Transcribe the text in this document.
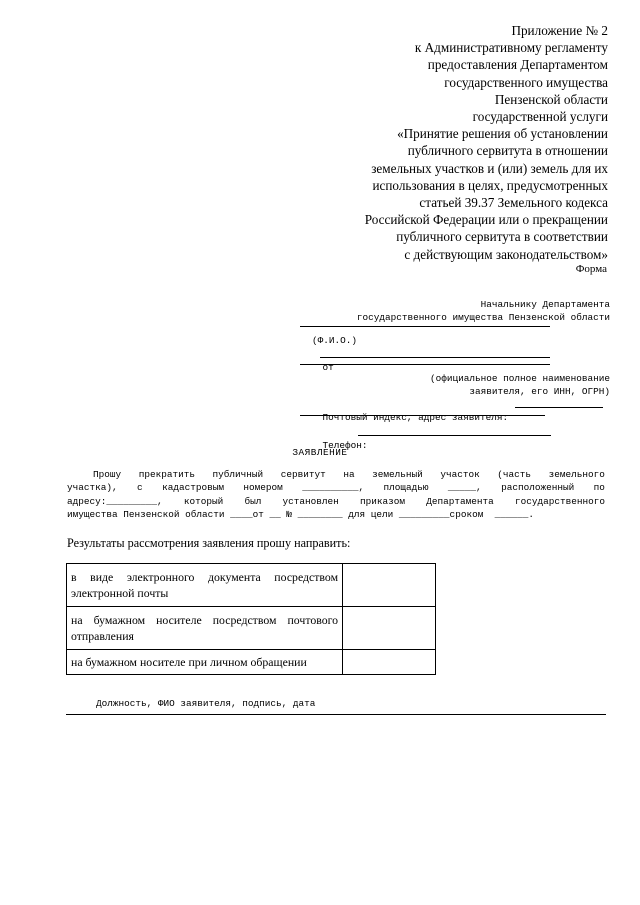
Приложение № 2
к Административному регламенту
предоставления Департаментом
государственного имущества
Пензенской области
государственной услуги
«Принятие решения об установлении
публичного сервитута в отношении
земельных участков и (или) земель для их
использования в целях, предусмотренных
статьей 39.37 Земельного кодекса
Российской Федерации или о прекращении
публичного сервитута в соответствии
с действующим законодательством»
Форма
Начальнику Департамента
государственного имущества Пензенской области

(Ф.И.О.)

от

(официальное полное наименование
заявителя, его ИНН, ОГРН)

Почтовый индекс, адрес заявителя:

Телефон:

ЗАЯВЛЕНИЕ
Прошу прекратить публичный сервитут на земельный участок (часть земельного
участка), с кадастровым номером __________, площадью _____, расположенный по
адресу:_________, который был установлен приказом Департамента государственного
имущества Пензенской области ____от __ № ________ для цели _________сроком  ______.
Результаты рассмотрения заявления прошу направить:
в виде электронного документа посредством электронной почты	
на бумажном носителе посредством почтового отправления	
на бумажном носителе при личном обращении	
Должность, ФИО заявителя, подпись, дата
